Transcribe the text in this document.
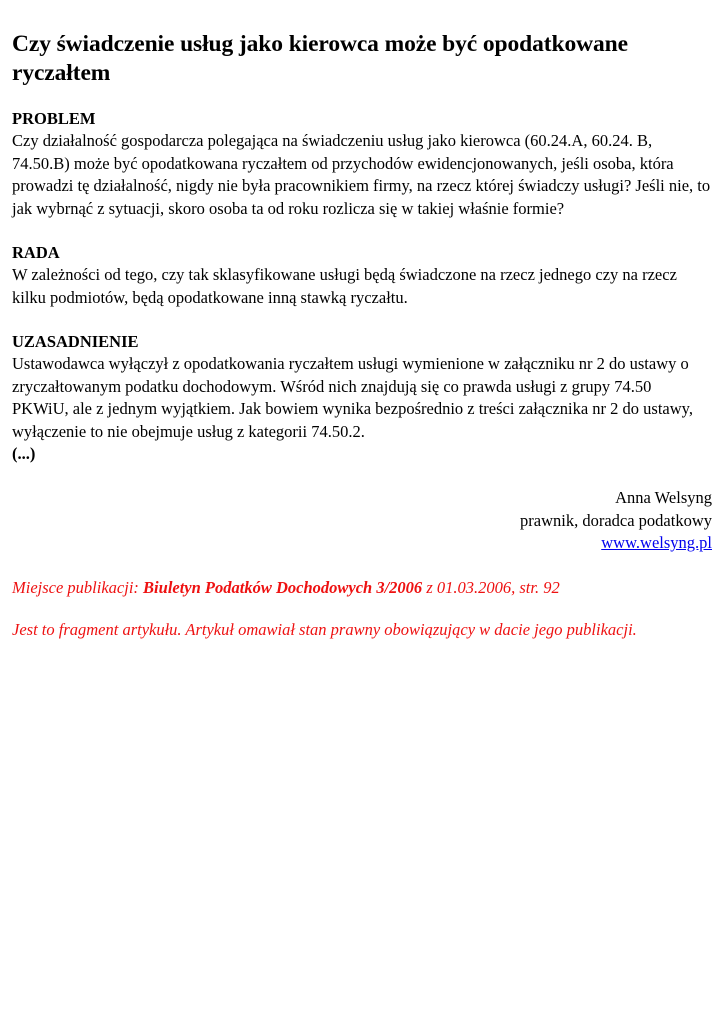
Czy świadczenie usług jako kierowca może być opodatkowane ryczałtem

PROBLEM

Czy działalność gospodarcza polegająca na świadczeniu usług jako kierowca (60.24.A, 60.24. B, 74.50.B) może być opodatkowana ryczałtem od przychodów ewidencjonowanych, jeśli osoba, która prowadzi tę działalność, nigdy nie była pracownikiem firmy, na rzecz której świadczy usługi? Jeśli nie, to jak wybrnąć z sytuacji, skoro osoba ta od roku rozlicza się w takiej właśnie formie?

RADA

W zależności od tego, czy tak sklasyfikowane usługi będą świadczone na rzecz jednego czy na rzecz kilku podmiotów, będą opodatkowane inną stawką ryczałtu.

UZASADNIENIE

Ustawodawca wyłączył z opodatkowania ryczałtem usługi wymienione w załączniku nr 2 do ustawy o zryczałtowanym podatku dochodowym. Wśród nich znajdują się co prawda usługi z grupy 74.50 PKWiU, ale z jednym wyjątkiem. Jak bowiem wynika bezpośrednio z treści załącznika nr 2 do ustawy, wyłączenie to nie obejmuje usług z kategorii 74.50.2.

(...)

Anna Welsyng
prawnik, doradca podatkowy
www.welsyng.pl

Miejsce publikacji: Biuletyn Podatków Dochodowych 3/2006 z 01.03.2006, str. 92

Jest to fragment artykułu. Artykuł omawiał stan prawny obowiązujący w dacie jego publikacji.
